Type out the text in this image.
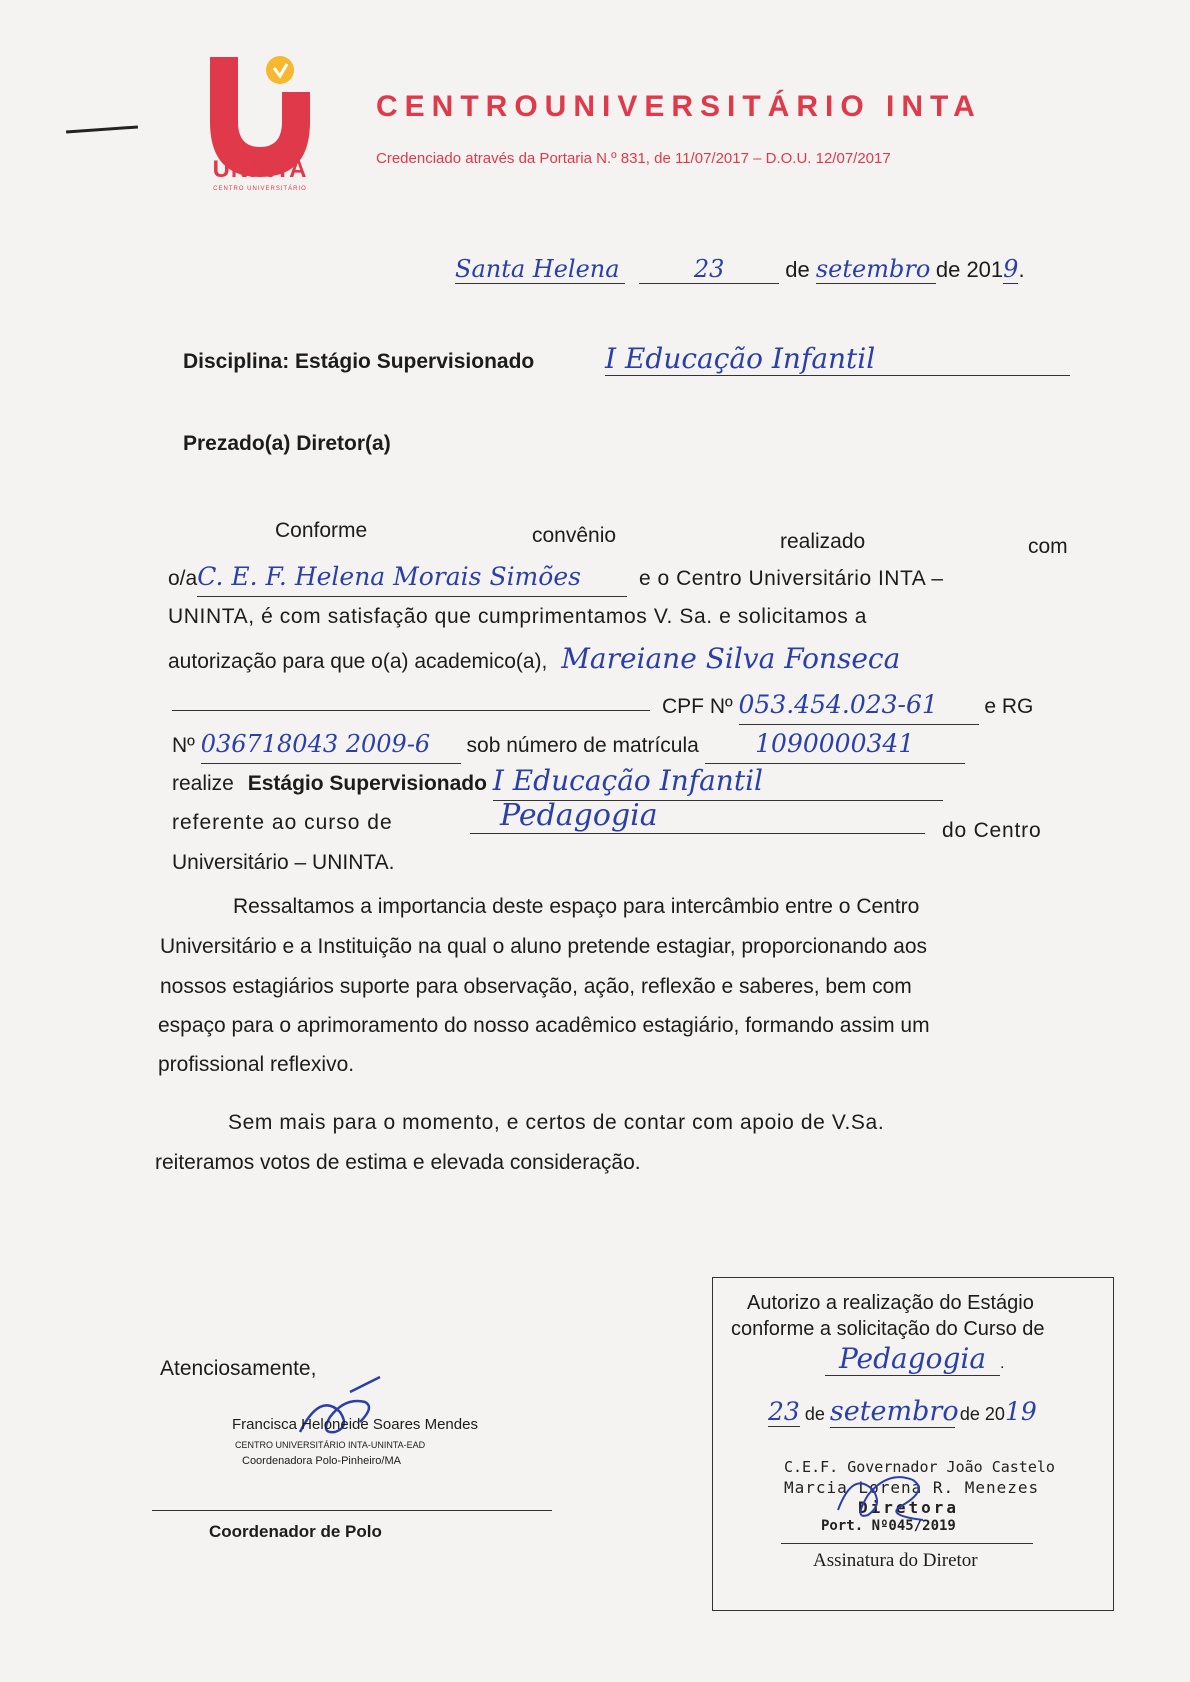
UNINTA
CENTRO UNIVERSITÁRIO
CENTROUNIVERSITÁRIO INTA
Credenciado através da Portaria N.º 831, de 11/07/2017 – D.O.U. 12/07/2017
Santa Helena	23	de setembro de 2019.
Disciplina: Estágio Supervisionado	I Educação Infantil
Prezado(a) Diretor(a)
Conforme	convênio	realizado	com
o/aC. E. F. Helena Morais Simões	e o Centro Universitário INTA –
UNINTA, é com satisfação que cumprimentamos V. Sa. e solicitamos a
autorização para que o(a) academico(a), Mareiane Silva Fonseca
CPF Nº 053.454.023-61 e RG
Nº 036718043 2009-6 sob número de matrícula 1090000341
realize Estágio Supervisionado I Educação Infantil
referente ao curso de	Pedagogia	do Centro
Universitário – UNINTA.
Ressaltamos a importancia deste espaço para intercâmbio entre o Centro
Universitário e a Instituição na qual o aluno pretende estagiar, proporcionando aos
nossos estagiários suporte para observação, ação, reflexão e saberes, bem com
espaço para o aprimoramento do nosso acadêmico estagiário, formando assim um
profissional reflexivo.
Sem mais para o momento, e certos de contar com apoio de V.Sa.
reiteramos votos de estima e elevada consideração.
Atenciosamente,
Francisca Heloneide Soares Mendes
CENTRO UNIVERSITÁRIO INTA-UNINTA-EAD
Coordenadora Polo-Pinheiro/MA
Coordenador de Polo
Autorizo a realização do Estágio
conforme a solicitação do Curso de
Pedagogia .
23 de setembro de 2019
C.E.F. Governador João Castelo
Marcia Lorena R. Menezes
Diretora
Port. Nº045/2019
Assinatura do Diretor
